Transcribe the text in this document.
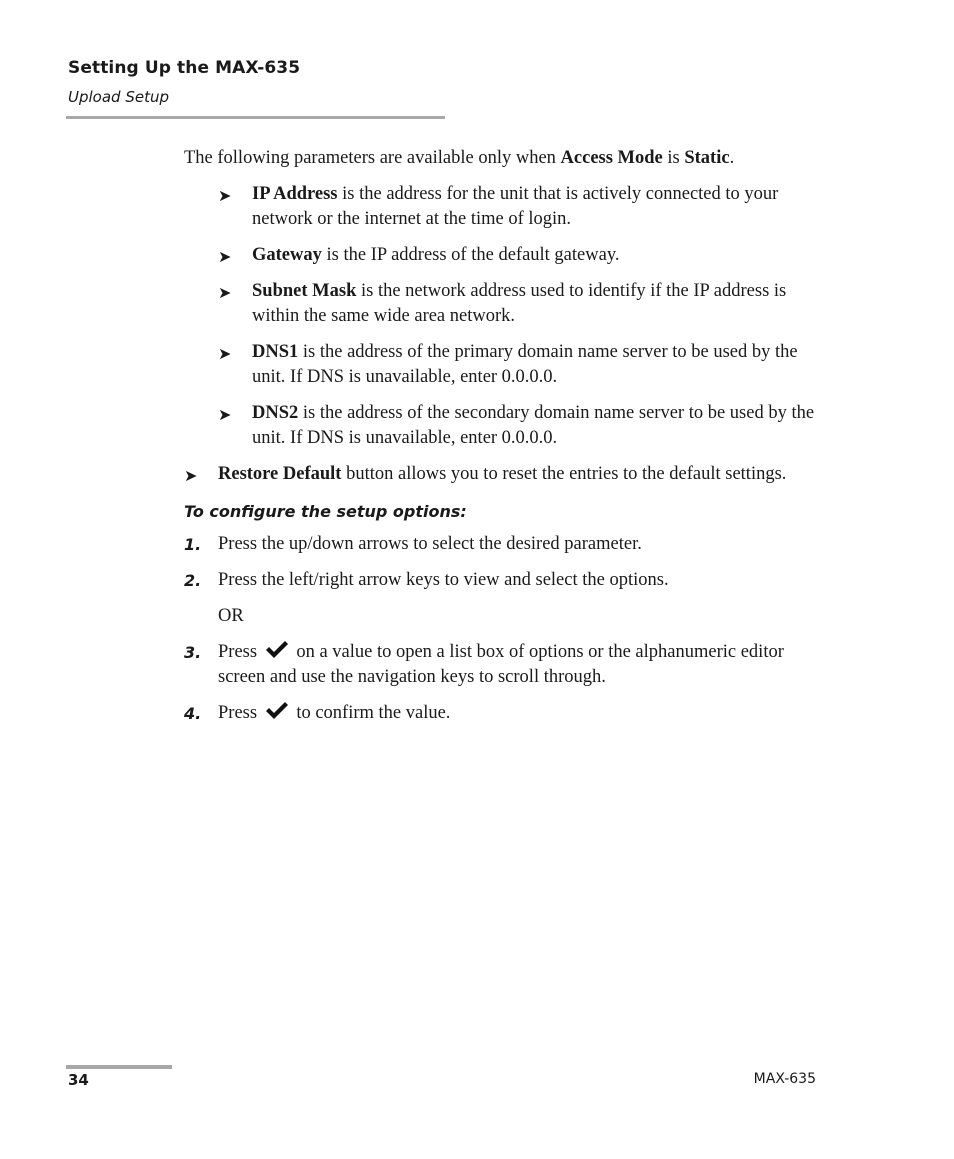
Setting Up the MAX-635
Upload Setup

The following parameters are available only when Access Mode is Static.

➤ IP Address is the address for the unit that is actively connected to your network or the internet at the time of login.
➤ Gateway is the IP address of the default gateway.
➤ Subnet Mask is the network address used to identify if the IP address is within the same wide area network.
➤ DNS1 is the address of the primary domain name server to be used by the unit. If DNS is unavailable, enter 0.0.0.0.
➤ DNS2 is the address of the secondary domain name server to be used by the unit. If DNS is unavailable, enter 0.0.0.0.
➤ Restore Default button allows you to reset the entries to the default settings.
To configure the setup options:
1. Press the up/down arrows to select the desired parameter.
2. Press the left/right arrow keys to view and select the options.
OR
3. Press  on a value to open a list box of options or the alphanumeric editor screen and use the navigation keys to scroll through.
4. Press  to confirm the value.
34	MAX-635
